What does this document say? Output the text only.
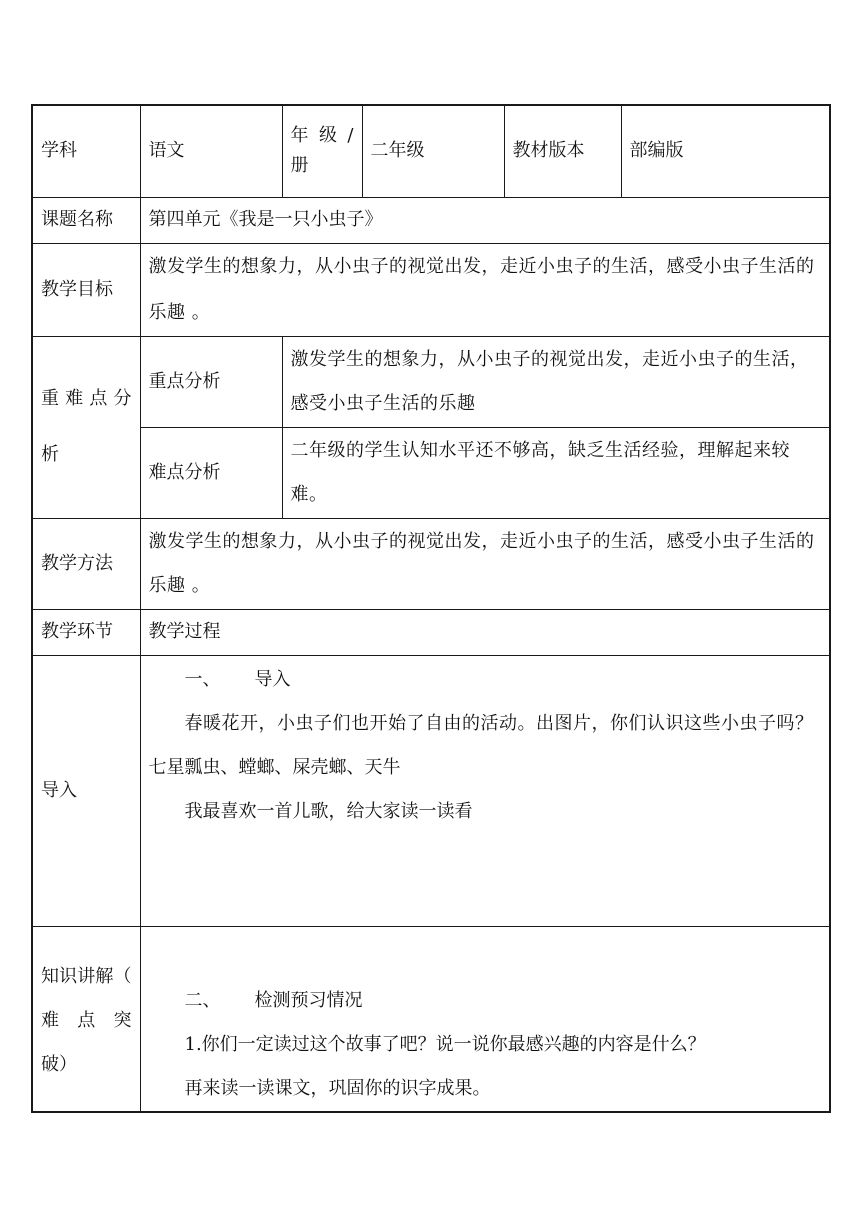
学科	语文	年 级 / 册	二年级	教材版本	部编版
课题名称	第四单元《我是一只小虫子》				
教学目标	激发学生的想象力，从小虫子的视觉出发，走近小虫子的生活，感受小虫子生活的乐趣 。				
重 难 点 分 析	重点分析	激发学生的想象力，从小虫子的视觉出发，走近小虫子的生活，感受小虫子生活的乐趣			
	难点分析	二年级的学生认知水平还不够高，缺乏生活经验，理解起来较难。			
教学方法	激发学生的想象力，从小虫子的视觉出发，走近小虫子的生活，感受小虫子生活的乐趣 。				
教学环节	教学过程				
导入	一、 导入

春暖花开，小虫子们也开始了自由的活动。出图片，你们认识这些小虫子吗？

七星瓢虫、螳螂、屎壳螂、天牛

我最喜欢一首儿歌，给大家读一读看				

知识讲解（ 难 点 突 破）	二、 检测预习情况

1.你们一定读过这个故事了吧？说一说你最感兴趣的内容是什么？

再来读一读课文，巩固你的识字成果。				
